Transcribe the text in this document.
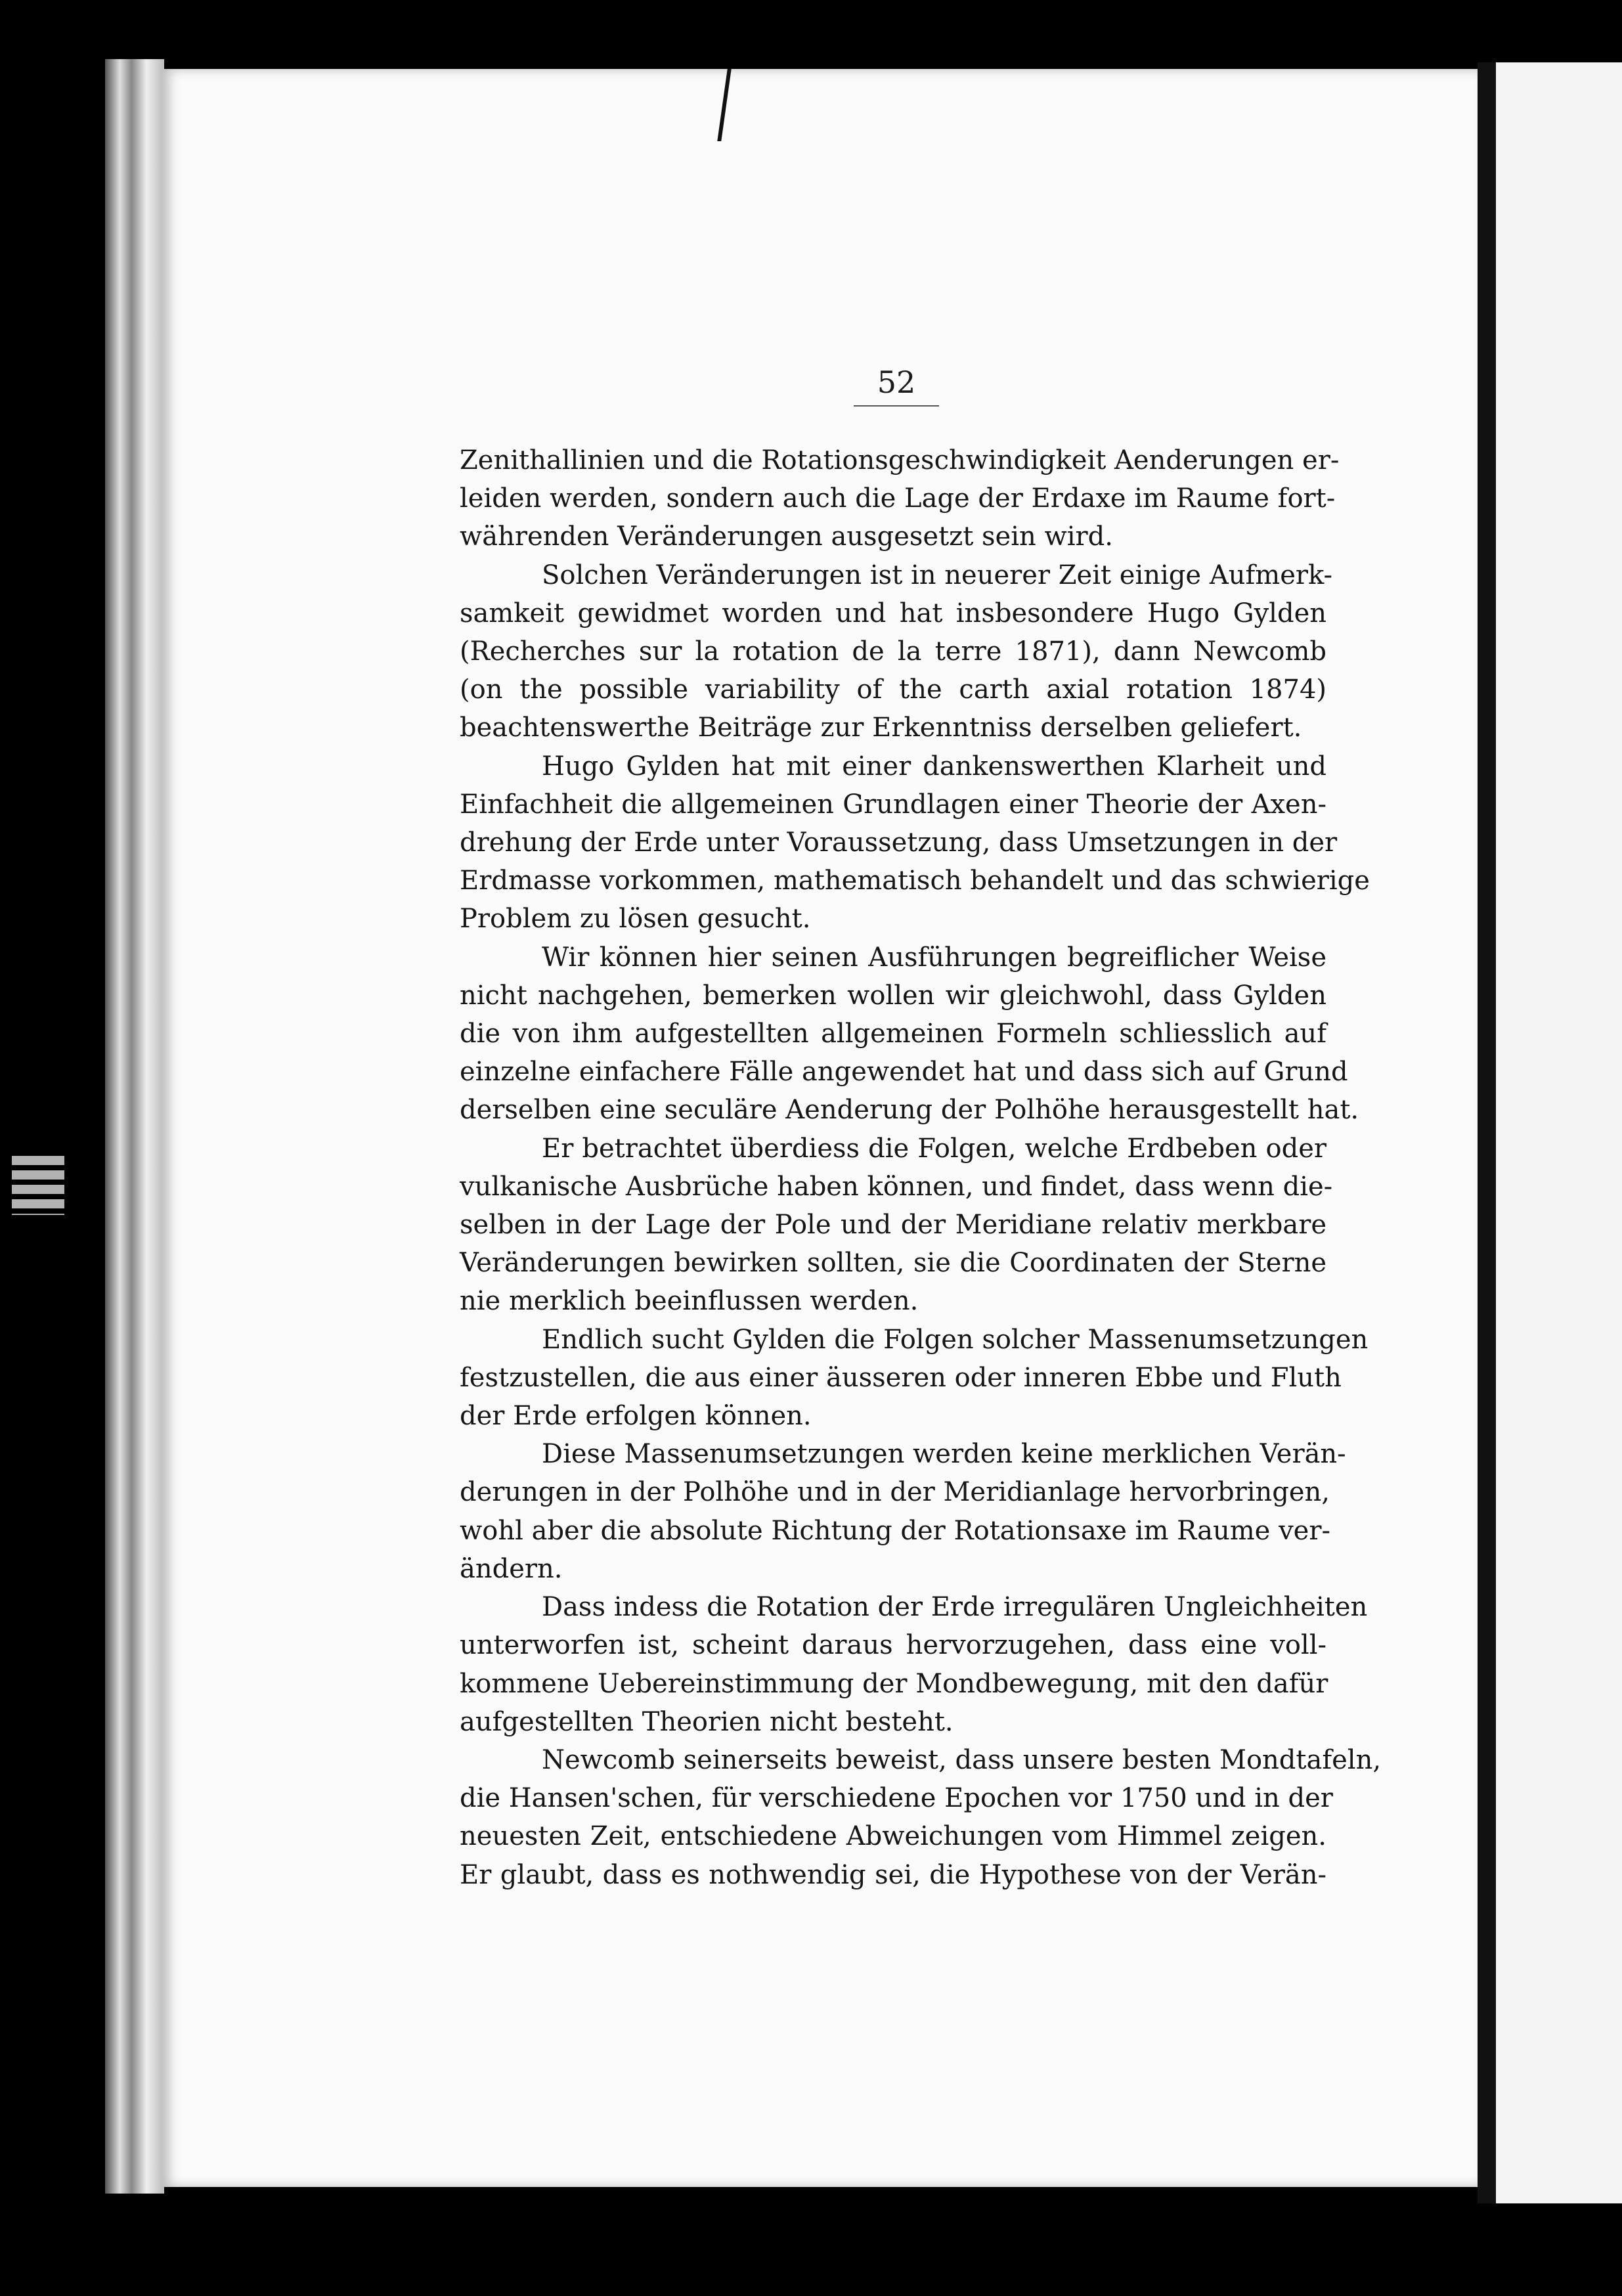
52
Zenithallinien und die Rotationsgeschwindigkeit Aenderungen er-
leiden werden, sondern auch die Lage der Erdaxe im Raume fort-
währenden Veränderungen ausgesetzt sein wird.
Solchen Veränderungen ist in neuerer Zeit einige Aufmerk-
samkeit gewidmet worden und hat insbesondere Hugo Gylden
(Recherches sur la rotation de la terre 1871), dann Newcomb
(on the possible variability of the carth axial rotation 1874)
beachtenswerthe Beiträge zur Erkenntniss derselben geliefert.
Hugo Gylden hat mit einer dankenswerthen Klarheit und
Einfachheit die allgemeinen Grundlagen einer Theorie der Axen-
drehung der Erde unter Voraussetzung, dass Umsetzungen in der
Erdmasse vorkommen, mathematisch behandelt und das schwierige
Problem zu lösen gesucht.
Wir können hier seinen Ausführungen begreiflicher Weise
nicht nachgehen, bemerken wollen wir gleichwohl, dass Gylden
die von ihm aufgestellten allgemeinen Formeln schliesslich auf
einzelne einfachere Fälle angewendet hat und dass sich auf Grund
derselben eine seculäre Aenderung der Polhöhe herausgestellt hat.
Er betrachtet überdiess die Folgen, welche Erdbeben oder
vulkanische Ausbrüche haben können, und findet, dass wenn die-
selben in der Lage der Pole und der Meridiane relativ merkbare
Veränderungen bewirken sollten, sie die Coordinaten der Sterne
nie merklich beeinflussen werden.
Endlich sucht Gylden die Folgen solcher Massenumsetzungen
festzustellen, die aus einer äusseren oder inneren Ebbe und Fluth
der Erde erfolgen können.
Diese Massenumsetzungen werden keine merklichen Verän-
derungen in der Polhöhe und in der Meridianlage hervorbringen,
wohl aber die absolute Richtung der Rotationsaxe im Raume ver-
ändern.
Dass indess die Rotation der Erde irregulären Ungleichheiten
unterworfen ist, scheint daraus hervorzugehen, dass eine voll-
kommene Uebereinstimmung der Mondbewegung, mit den dafür
aufgestellten Theorien nicht besteht.
Newcomb seinerseits beweist, dass unsere besten Mondtafeln,
die Hansen'schen, für verschiedene Epochen vor 1750 und in der
neuesten Zeit, entschiedene Abweichungen vom Himmel zeigen.
Er glaubt, dass es nothwendig sei, die Hypothese von der Verän-
